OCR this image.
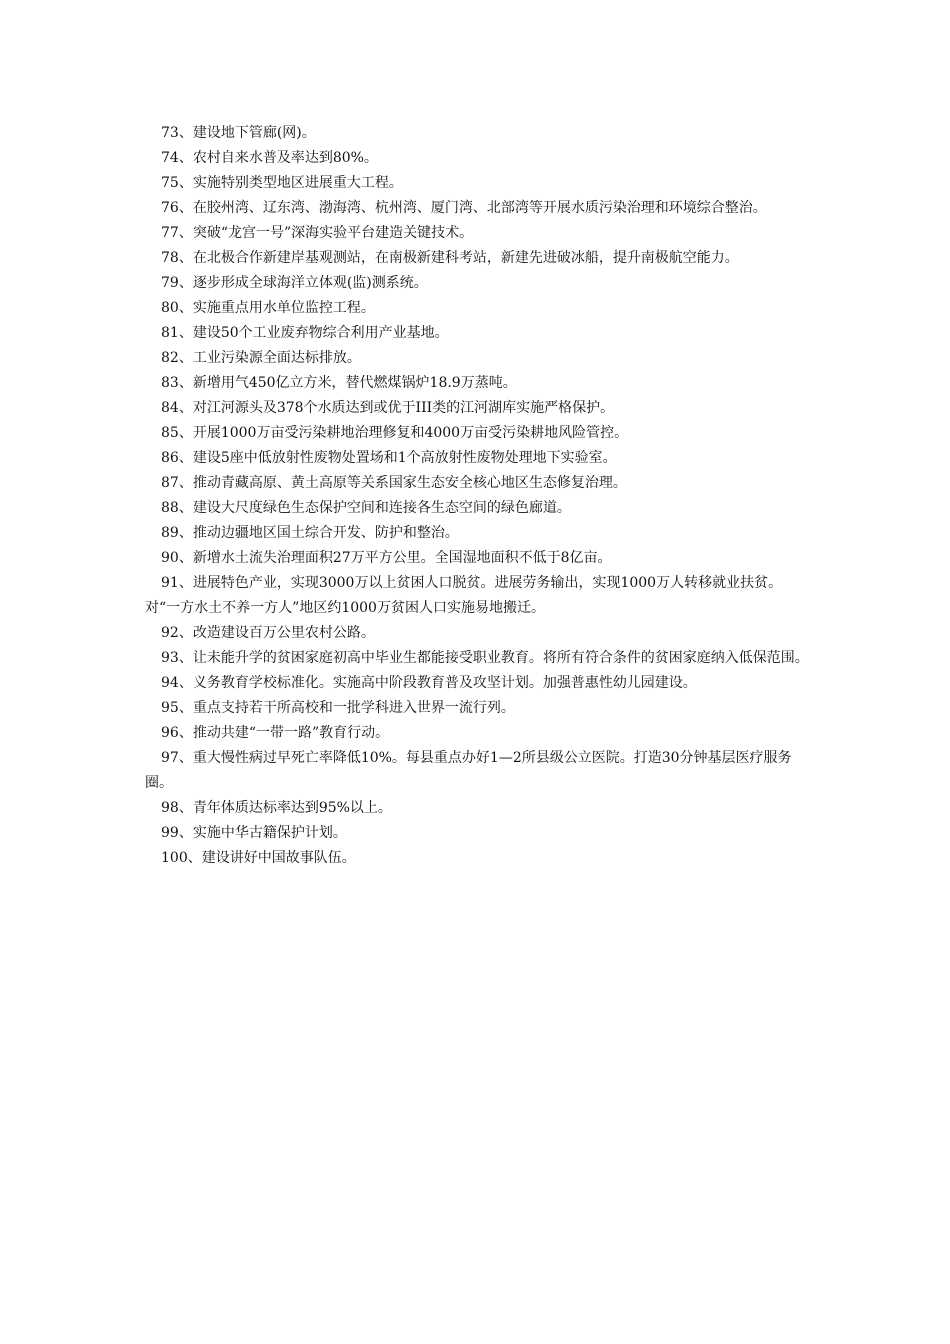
73、建设地下管廊(网)。

74、农村自来水普及率达到80%。

75、实施特别类型地区进展重大工程。

76、在胶州湾、辽东湾、渤海湾、杭州湾、厦门湾、北部湾等开展水质污染治理和环境综合整治。

77、突破“龙宫一号”深海实验平台建造关键技术。

78、在北极合作新建岸基观测站，在南极新建科考站，新建先进破冰船，提升南极航空能力。

79、逐步形成全球海洋立体观(监)测系统。

80、实施重点用水单位监控工程。

81、建设50个工业废弃物综合利用产业基地。

82、工业污染源全面达标排放。

83、新增用气450亿立方米，替代燃煤锅炉18.9万蒸吨。

84、对江河源头及378个水质达到或优于III类的江河湖库实施严格保护。

85、开展1000万亩受污染耕地治理修复和4000万亩受污染耕地风险管控。

86、建设5座中低放射性废物处置场和1个高放射性废物处理地下实验室。

87、推动青藏高原、黄土高原等关系国家生态安全核心地区生态修复治理。

88、建设大尺度绿色生态保护空间和连接各生态空间的绿色廊道。

89、推动边疆地区国土综合开发、防护和整治。

90、新增水土流失治理面积27万平方公里。全国湿地面积不低于8亿亩。

91、进展特色产业，实现3000万以上贫困人口脱贫。进展劳务输出，实现1000万人转移就业扶贫。对“一方水土不养一方人”地区约1000万贫困人口实施易地搬迁。

92、改造建设百万公里农村公路。

93、让未能升学的贫困家庭初高中毕业生都能接受职业教育。将所有符合条件的贫困家庭纳入低保范围。

94、义务教育学校标准化。实施高中阶段教育普及攻坚计划。加强普惠性幼儿园建设。

95、重点支持若干所高校和一批学科进入世界一流行列。

96、推动共建“一带一路”教育行动。

97、重大慢性病过早死亡率降低10%。每县重点办好1—2所县级公立医院。打造30分钟基层医疗服务圈。

98、青年体质达标率达到95%以上。

99、实施中华古籍保护计划。

100、建设讲好中国故事队伍。
